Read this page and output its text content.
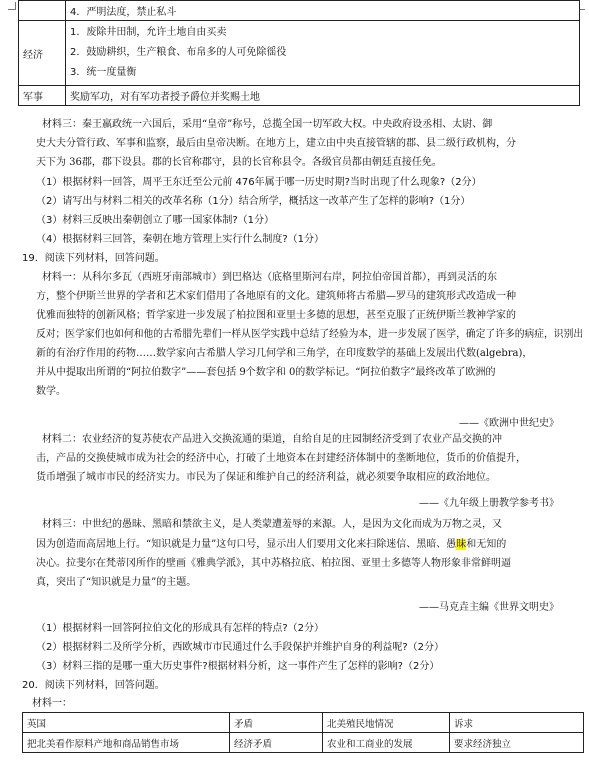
	4．严明法度，禁止私斗
经济	1．废除井田制，允许土地自由买卖
2．鼓励耕织，生产粮食、布帛多的人可免除徭役
3．统一度量衡

军事	奖励军功，对有军功者授予爵位并奖赐土地
材料三：秦王嬴政统一六国后，采用“皇帝”称号，总揽全国一切军政大权。中央政府设丞相、太尉、御
史大夫分管行政、军事和监察，最后由皇帝决断。在地方上，建立由中央直接管辖的郡、县二级行政机构，分
天下为 36郡，郡下设县。郡的长官称郡守，县的长官称县令。各级官员都由朝廷直接任免。
（1）根据材料一回答，周平王东迁至公元前 476年属于哪一历史时期?当时出现了什么现象?（2分）
（2）请写出与材料二相关的改革名称（1分）结合所学，概括这一改革产生了怎样的影响?（1分）
（3）材料三反映出秦朝创立了哪一国家体制?（1分）
（4）根据材料三回答，秦朝在地方管理上实行什么制度?（1分）
19．阅读下列材料，回答问题。
材料一：从科尔多瓦（西班牙南部城市）到巴格达（底格里斯河右岸，阿拉伯帝国首都），再到灵活的东
方，整个伊斯兰世界的学者和艺术家们借用了各地原有的文化。建筑师将古希腊—罗马的建筑形式改造成一种
优雅而独特的创新风格；哲学家进一步发展了柏拉图和亚里士多德的思想，甚至克服了正统伊斯兰教神学家的
反对；医学家们也如何和他的古希腊先辈们一样从医学实践中总结了经验为本，进一步发展了医学，确定了许多的病症，识别出
新的有治疗作用的药物……数学家向古希腊人学习几何学和三角学，在印度数学的基础上发展出代数(algebra)，
并从中提取出所谓的“阿拉伯数字”——套包括 9个数字和 0的数学标记。“阿拉伯数字”最终改革了欧洲的
数学。
——《欧洲中世纪史》
材料二：农业经济的复苏使农产品进入交换流通的渠道，自给自足的庄园制经济受到了农业产品交换的冲
击，产品的交换使城市成为社会的经济中心，打破了土地资本在封建经济体制中的垄断地位，货币的价值提升，
货币增强了城市市民的经济实力。市民为了保证和维护自己的经济利益，就必须要争取相应的政治地位。
——《九年级上册教学参考书》
材料三：中世纪的愚昧、黑暗和禁欲主义，是人类蒙遭羞辱的来源。人，是因为文化而成为万物之灵，又
因为创造而高居地上行。“知识就是力量”这句口号，显示出人们要用文化来扫除迷信、黑暗、愚昧和无知的
决心。拉斐尔在梵蒂冈所作的壁画《雅典学派》，其中苏格拉底、柏拉图、亚里士多德等人物形象非常鲜明逼
真，突出了“知识就是力量”的主题。
——马克垚主编《世界文明史》
（1）根据材料一回答阿拉伯文化的形成具有怎样的特点?（2分）
（2）根据材料二及所学分析，西欧城市市民通过什么手段保护并维护自身的利益呢?（2分）
（3）材料三指的是哪一重大历史事件?根据材料分析，这一事件产生了怎样的影响?（2分）
20．阅读下列材料，回答问题。
材料一：
英国	矛盾	北美殖民地情况	诉求
把北美看作原料产地和商品销售市场	经济矛盾	农业和工商业的发展	要求经济独立
